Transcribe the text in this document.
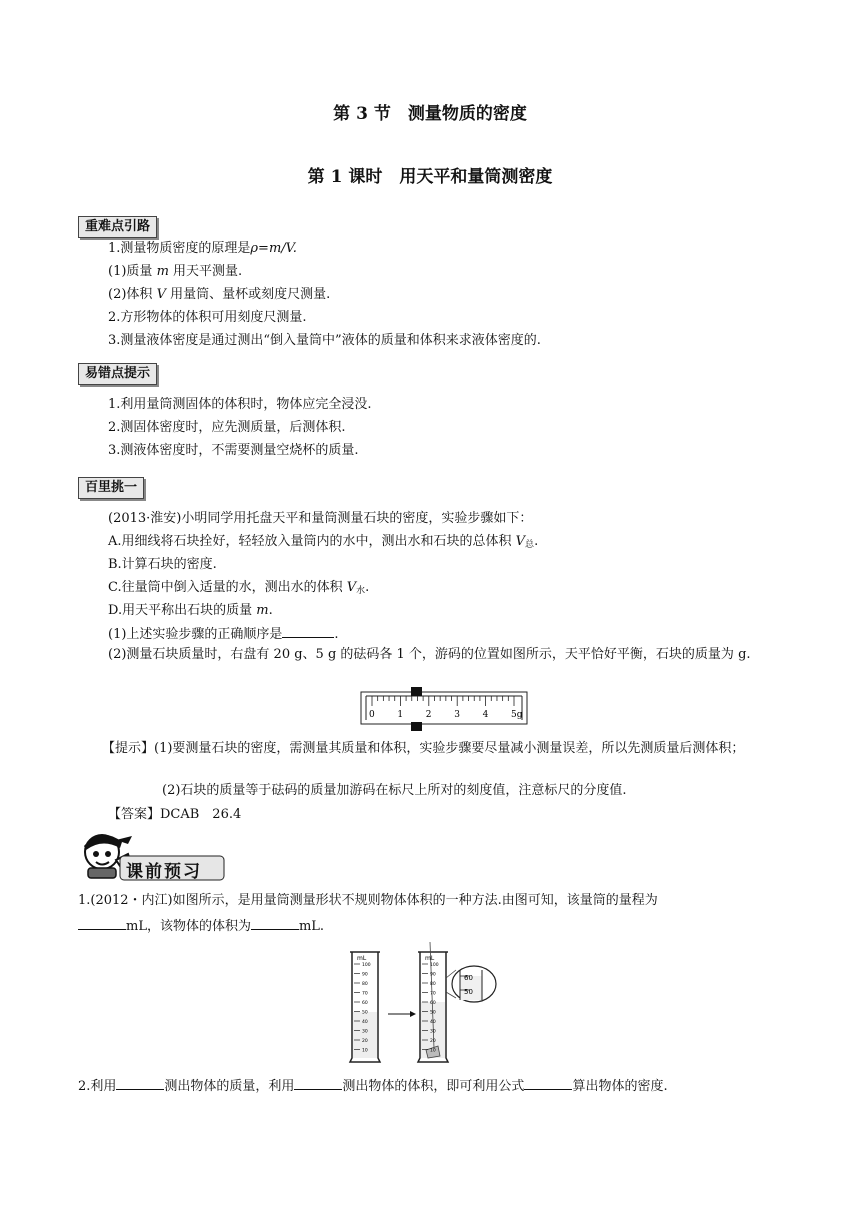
第 3 节　测量物质的密度
第 1 课时　用天平和量筒测密度
重难点引路
1.测量物质密度的原理是ρ=m/V.
(1)质量 m 用天平测量.
(2)体积 V 用量筒、量杯或刻度尺测量.
2.方形物体的体积可用刻度尺测量.
3.测量液体密度是通过测出“倒入量筒中”液体的质量和体积来求液体密度的.
易错点提示
1.利用量筒测固体的体积时，物体应完全浸没.
2.测固体密度时，应先测质量，后测体积.
3.测液体密度时，不需要测量空烧杯的质量.
百里挑一
(2013·淮安)小明同学用托盘天平和量筒测量石块的密度，实验步骤如下：
A.用细线将石块拴好，轻轻放入量筒内的水中，测出水和石块的总体积 $V_总$.
B.计算石块的密度.
C.往量筒中倒入适量的水，测出水的体积 $V_水$.
D.用天平称出石块的质量 m.
(1)上述实验步骤的正确顺序是	.
(2)测量石块质量时，右盘有 20 g、5 g 的砝码各 1 个，游码的位置如图所示，天平恰好平衡，石块的质量为 g.
0	1	2	3	4	5g
【提示】(1)要测量石块的密度，需测量其质量和体积，实验步骤要尽量减小测量误差，所以先测质量后测体积；
(2)石块的质量等于砝码的质量加游码在标尺上所对的刻度值，注意标尺的分度值.
【答案】DCAB　26.4
课前预习
1.(2012・内江)如图所示，是用量筒测量形状不规则物体体积的一种方法.由图可知，该量筒的量程为
mL，该物体的体积为	mL.
100
90
80
70
60
50
40
30
20
10
mL
100
90
80
70
60
50
40
30
20
10
mL
60
50
2.利用	测出物体的质量，利用	测出物体的体积，即可利用公式	算出物体的密度.
